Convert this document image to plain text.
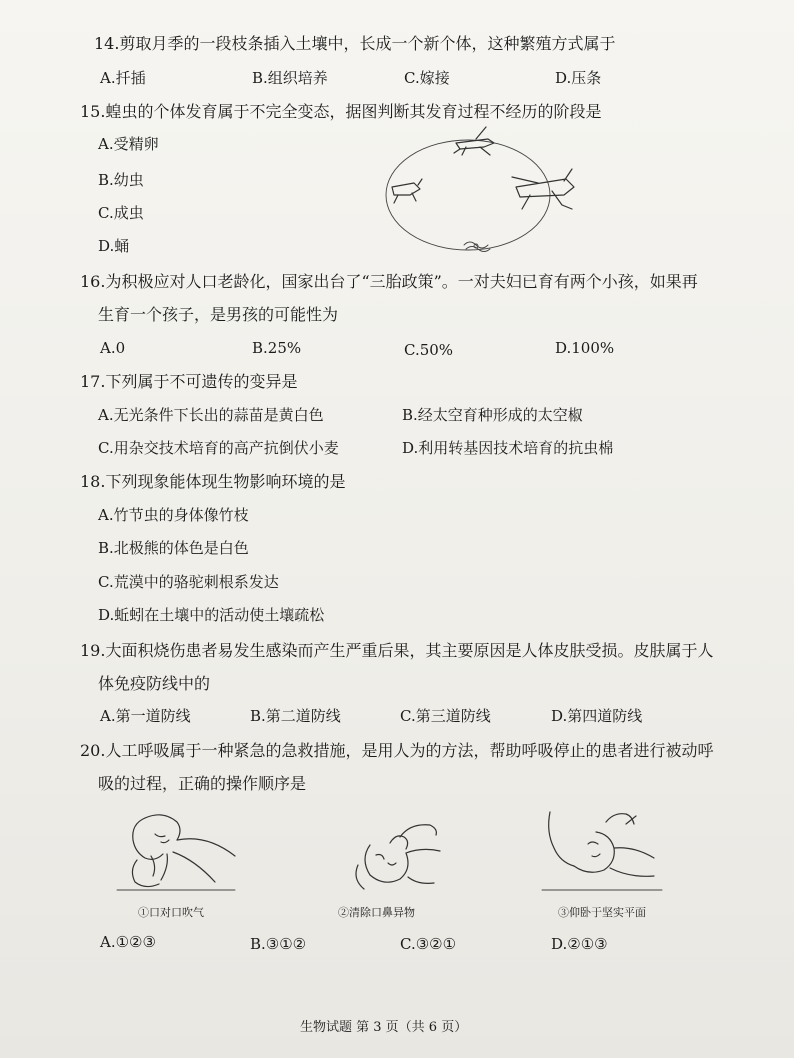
14.剪取月季的一段枝条插入土壤中，长成一个新个体，这种繁殖方式属于
A.扦插	B.组织培养	C.嫁接	D.压条
15.蝗虫的个体发育属于不完全变态，据图判断其发育过程不经历的阶段是
A.受精卵
B.幼虫
C.成虫
D.蛹
16.为积极应对人口老龄化，国家出台了“三胎政策”。一对夫妇已育有两个小孩，如果再
生育一个孩子，是男孩的可能性为
A.0	B.25%	C.50%	D.100%
17.下列属于不可遗传的变异是
A.无光条件下长出的蒜苗是黄白色	B.经太空育种形成的太空椒
C.用杂交技术培育的高产抗倒伏小麦	D.利用转基因技术培育的抗虫棉
18.下列现象能体现生物影响环境的是
A.竹节虫的身体像竹枝
B.北极熊的体色是白色
C.荒漠中的骆驼刺根系发达
D.蚯蚓在土壤中的活动使土壤疏松
19.大面积烧伤患者易发生感染而产生严重后果，其主要原因是人体皮肤受损。皮肤属于人
体免疫防线中的
A.第一道防线	B.第二道防线	C.第三道防线	D.第四道防线
20.人工呼吸属于一种紧急的急救措施，是用人为的方法，帮助呼吸停止的患者进行被动呼
吸的过程，正确的操作顺序是
①口对口吹气	②清除口鼻异物	③仰卧于坚实平面
A.①②③	B.③①②	C.③②①	D.②①③
生物试题 第 3 页（共 6 页）
